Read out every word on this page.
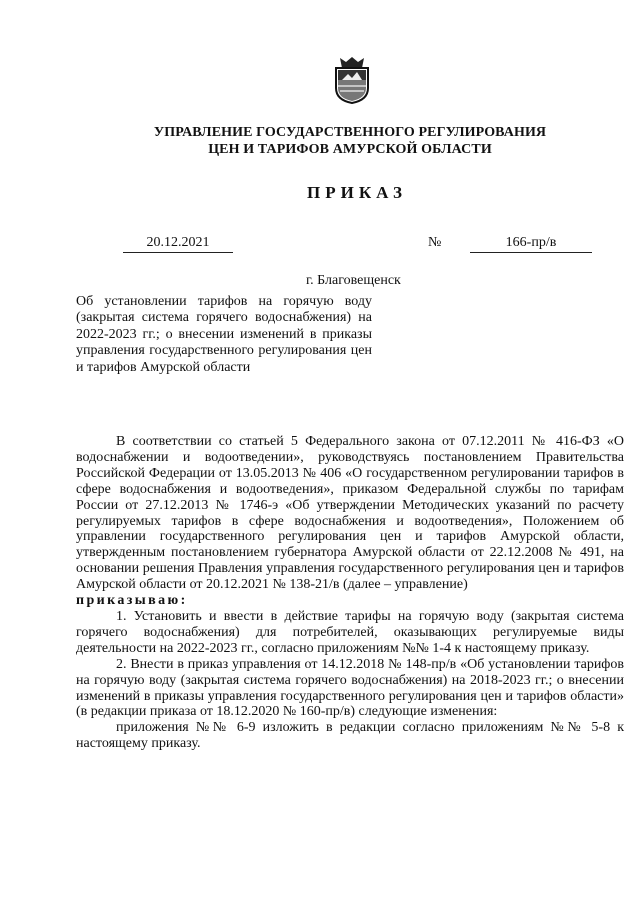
УПРАВЛЕНИЕ ГОСУДАРСТВЕННОГО РЕГУЛИРОВАНИЯ
ЦЕН И ТАРИФОВ АМУРСКОЙ ОБЛАСТИ
ПРИКАЗ
20.12.2021	№	166-пр/в
г. Благовещенск
Об установлении тарифов на горячую воду (закрытая система горячего водоснабжения) на 2022-2023 гг.; о внесении изменений в приказы управления государственного регулирования цен и тарифов Амурской области

В соответствии со статьей 5 Федерального закона от 07.12.2011 № 416-ФЗ «О водоснабжении и водоотведении», руководствуясь постановлением Правительства Российской Федерации от 13.05.2013 № 406 «О государственном регулировании тарифов в сфере водоснабжения и водоотведения», приказом Федеральной службы по тарифам России от 27.12.2013 № 1746-э «Об утверждении Методических указаний по расчету регулируемых тарифов в сфере водоснабжения и водоотведения», Положением об управлении государственного регулирования цен и тарифов Амурской области, утвержденным постановлением губернатора Амурской области от 22.12.2008 № 491, на основании решения Правления управления государственного регулирования цен и тарифов Амурской области от 20.12.2021 № 138-21/в (далее – управление)

приказываю:

1. Установить и ввести в действие тарифы на горячую воду (закрытая система горячего водоснабжения) для потребителей, оказывающих регулируемые виды деятельности на 2022-2023 гг., согласно приложениям №№ 1-4 к настоящему приказу.

2. Внести в приказ управления от 14.12.2018 № 148-пр/в «Об установлении тарифов на горячую воду (закрытая система горячего водоснабжения) на 2018-2023 гг.; о внесении изменений в приказы управления государственного регулирования цен и тарифов области» (в редакции приказа от 18.12.2020 № 160-пр/в) следующие изменения:

приложения №№ 6-9 изложить в редакции согласно приложениям №№ 5-8 к настоящему приказу.
